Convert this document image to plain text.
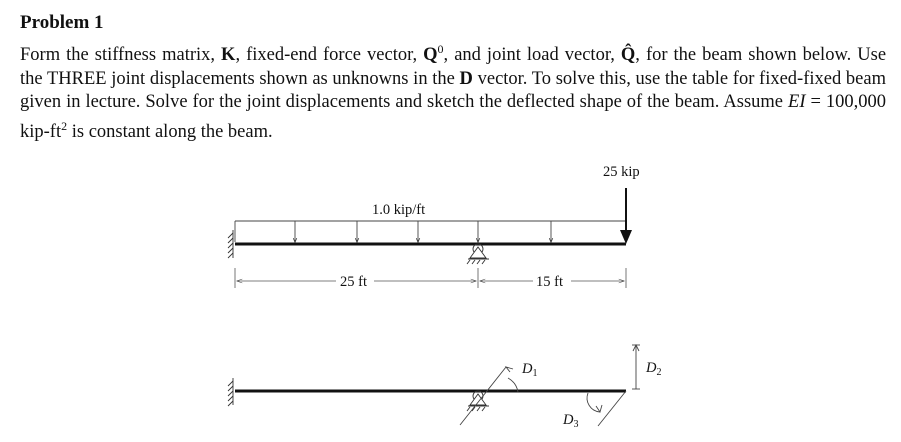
Problem 1

Form the stiffness matrix, K, fixed-end force vector, $Q^0$, and joint load vector, Q̂, for the beam shown below. Use the THREE joint displacements shown as unknowns in the D vector. To solve this, use the table for fixed-fixed beam given in lecture. Solve for the joint displacements and sketch the deflected shape of the beam. Assume EI = 100,000 kip-$ft^2$ is constant along the beam.

1.0 kip/ft
25 kip
25 ft	15 ft
$D_1$
$D_3$
$D_2$
